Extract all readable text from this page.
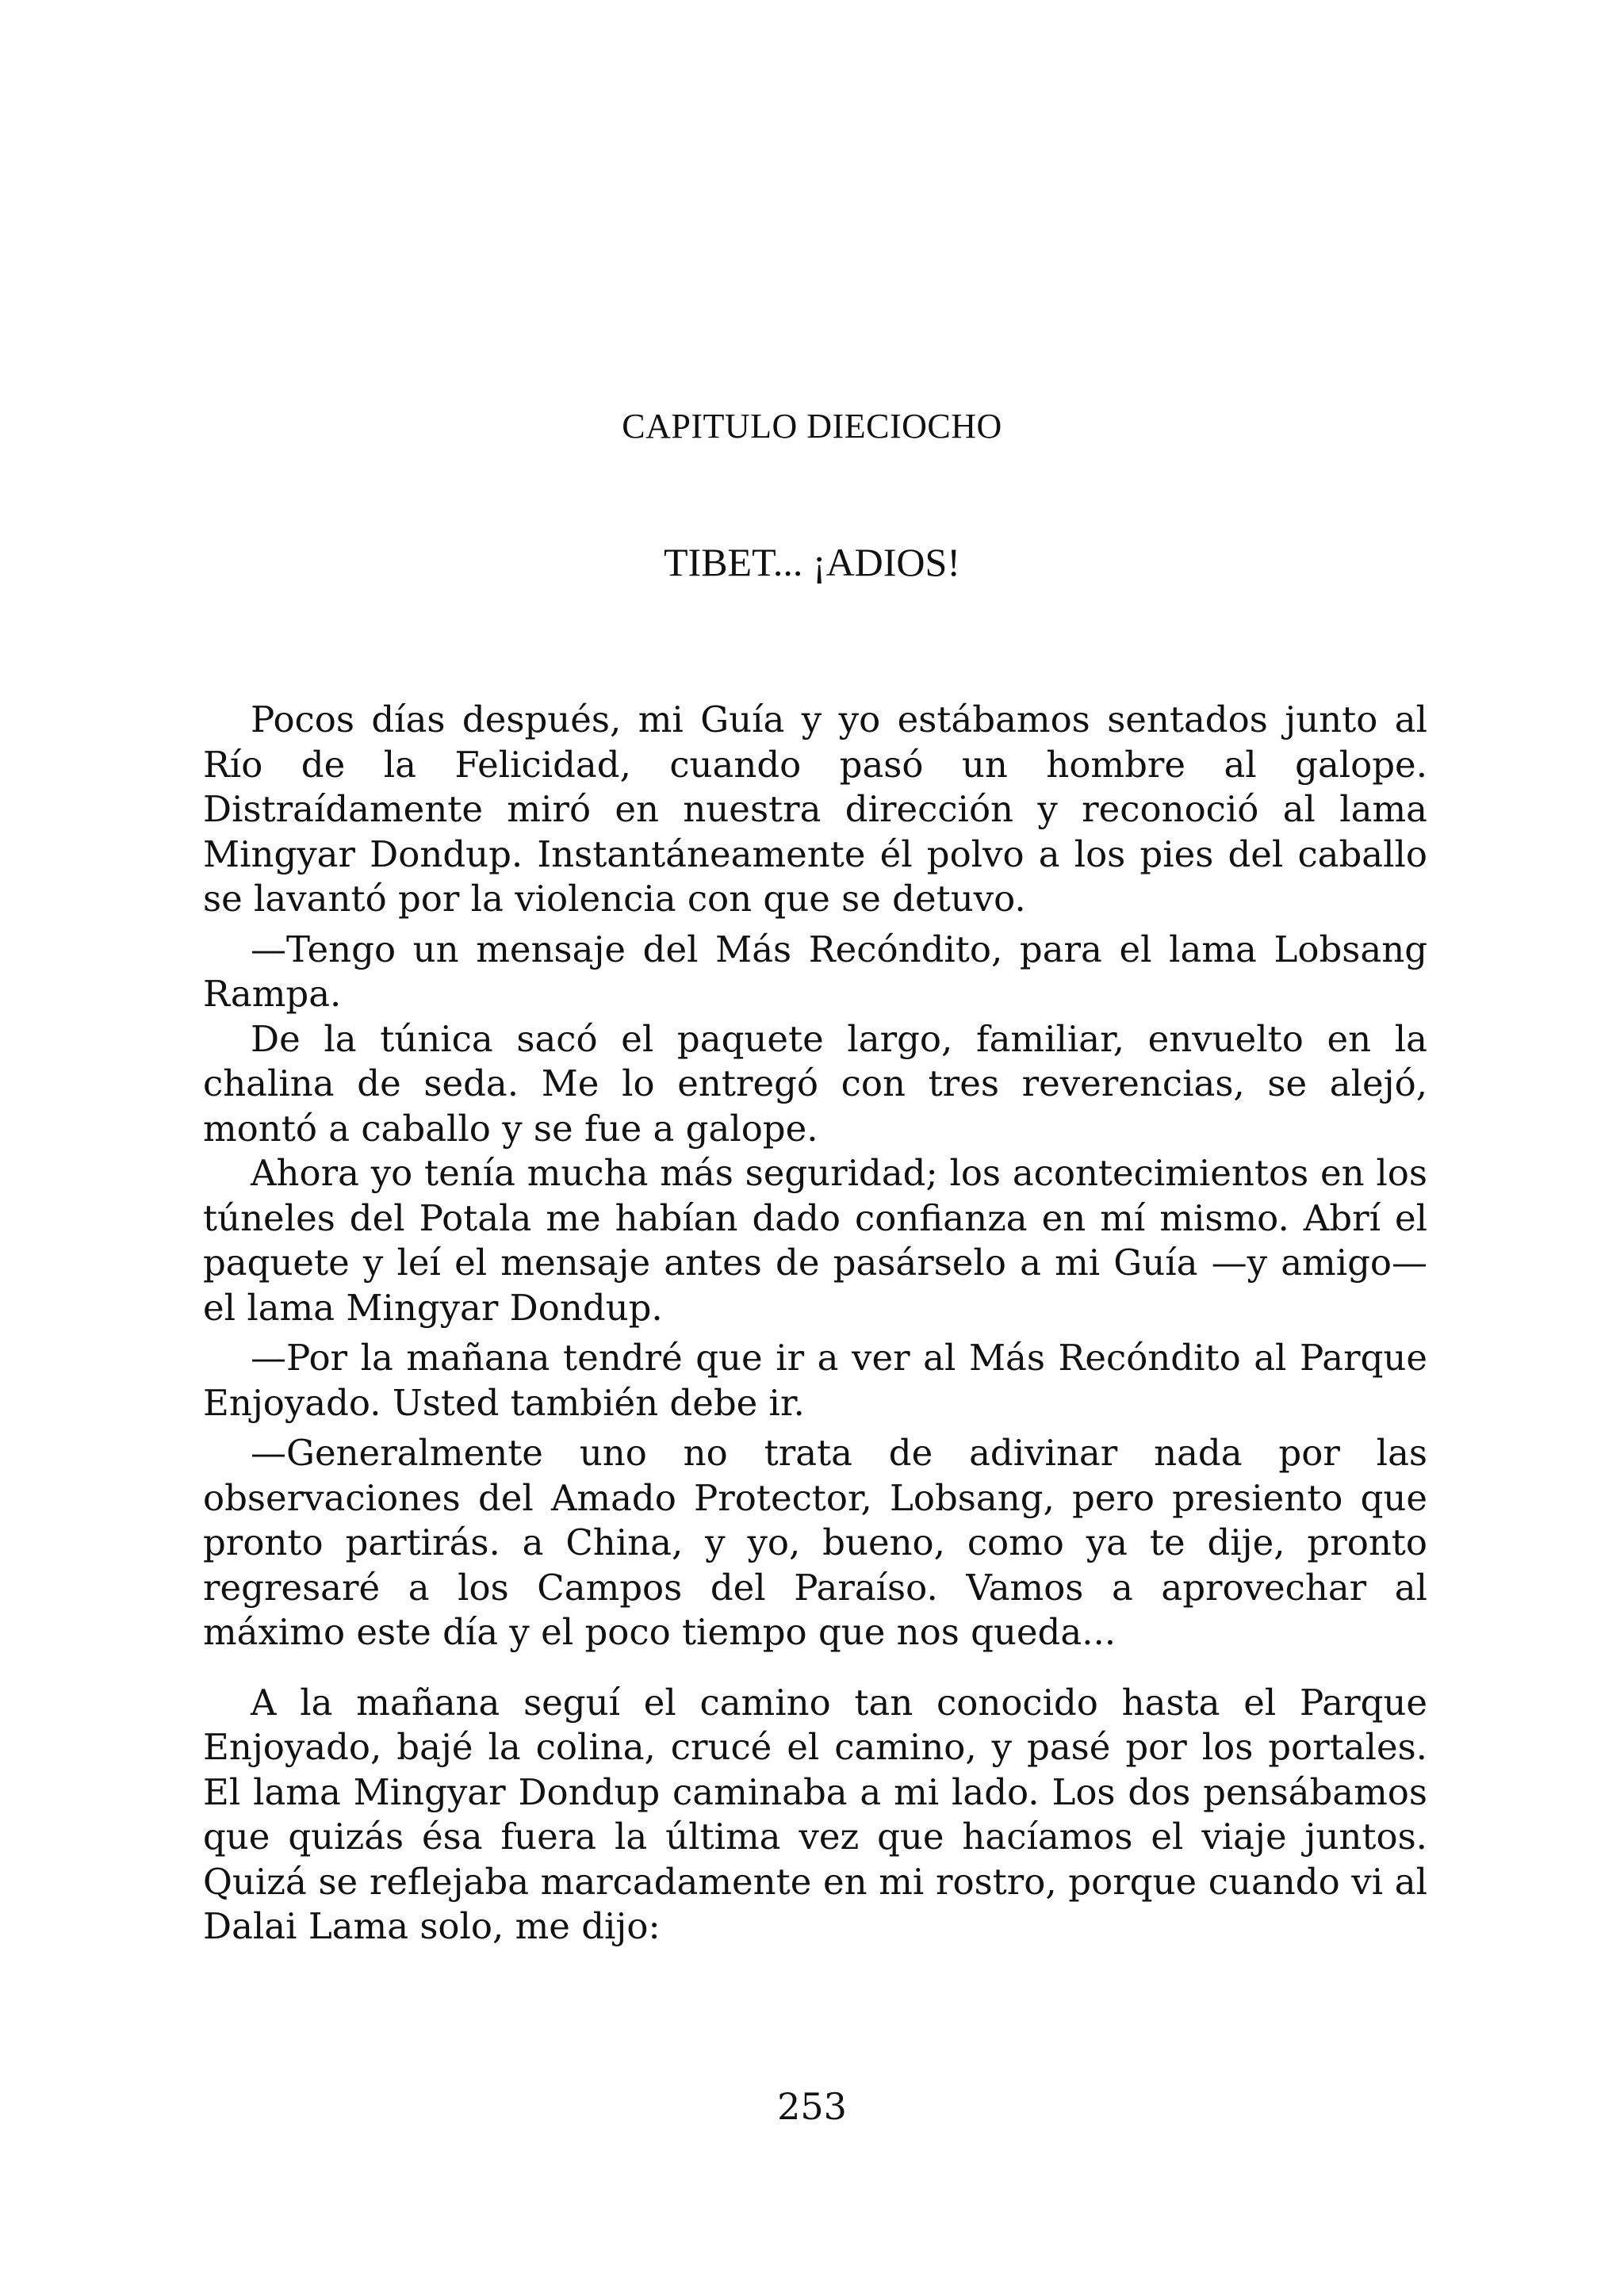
CAPITULO DIECIOCHO
TIBET... ¡ADIOS!

Pocos días después, mi Guía y yo estábamos sentados junto al Río de la Felicidad, cuando pasó un hombre al galope. Distraídamente miró en nuestra dirección y reconoció al lama Mingyar Dondup. Instantáneamente él polvo a los pies del caballo se lavantó por la violencia con que se detuvo.

—Tengo un mensaje del Más Recóndito, para el lama Lobsang Rampa.

De la túnica sacó el paquete largo, familiar, envuelto en la chalina de seda. Me lo entregó con tres reverencias, se alejó, montó a caballo y se fue a galope.

Ahora yo tenía mucha más seguridad; los acontecimientos en los túneles del Potala me habían dado confianza en mí mismo. Abrí el paquete y leí el mensaje antes de pasárselo a mi Guía —y amigo— el lama Mingyar Dondup.

—Por la mañana tendré que ir a ver al Más Recóndito al Parque Enjoyado. Usted también debe ir.

—Generalmente uno no trata de adivinar nada por las observaciones del Amado Protector, Lobsang, pero presiento que pronto partirás. a China, y yo, bueno, como ya te dije, pronto regresaré a los Campos del Paraíso. Vamos a aprovechar al máximo este día y el poco tiempo que nos queda...

A la mañana seguí el camino tan conocido hasta el Parque Enjoyado, bajé la colina, crucé el camino, y pasé por los portales. El lama Mingyar Dondup caminaba a mi lado. Los dos pensábamos que quizás ésa fuera la última vez que hacíamos el viaje juntos. Quizá se reflejaba marcadamente en mi rostro, porque cuando vi al Dalai Lama solo, me dijo:

253
